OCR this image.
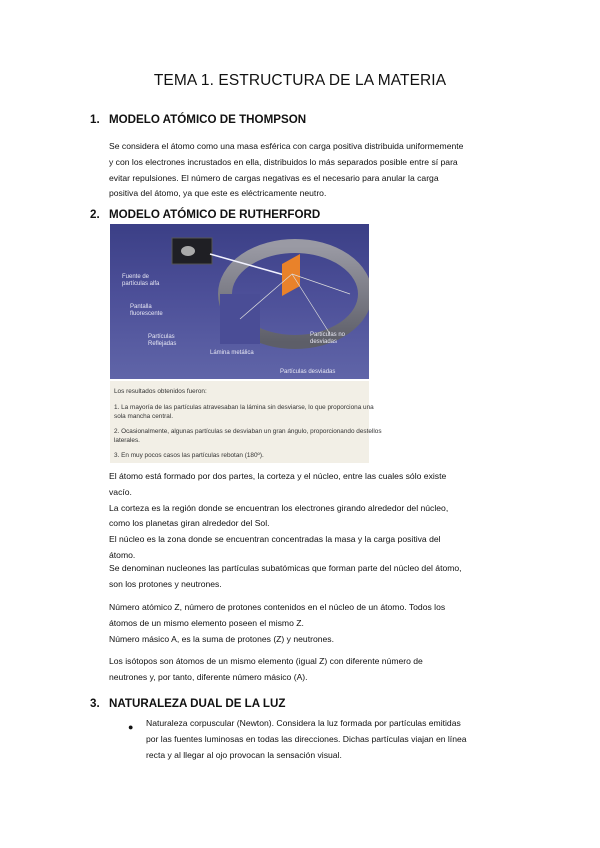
TEMA 1. ESTRUCTURA DE LA MATERIA
1. MODELO ATÓMICO DE THOMPSON
Se considera el átomo como una masa esférica con carga positiva distribuida uniformemente
y con los electrones incrustados en ella, distribuidos lo más separados posible entre sí para
evitar repulsiones. El número de cargas negativas es el necesario para anular la carga
positiva del átomo, ya que este es eléctricamente neutro.
2. MODELO ATÓMICO DE RUTHERFORD
Fuente de partículas alfa
Pantalla fluorescente
Partículas Reflejadas
Lámina metálica
Partículas desviadas
Partículas no desviadas
Los resultados obtenidos fueron:
1. La mayoría de las partículas atravesaban la lámina sin desviarse, lo que proporciona una
sola mancha central.
2. Ocasionalmente, algunas partículas se desviaban un gran ángulo, proporcionando destellos
laterales.
3. En muy pocos casos las partículas rebotan (180º).
El átomo está formado por dos partes, la corteza y el núcleo, entre las cuales sólo existe
vacío.
La corteza es la región donde se encuentran los electrones girando alrededor del núcleo,
como los planetas giran alrededor del Sol.
El núcleo es la zona donde se encuentran concentradas la masa y la carga positiva del
átomo.
Se denominan nucleones las partículas subatómicas que forman parte del núcleo del átomo,
son los protones y neutrones.
Número atómico Z, número de protones contenidos en el núcleo de un átomo. Todos los
átomos de un mismo elemento poseen el mismo Z.
Número másico A, es la suma de protones (Z) y neutrones.
Los isótopos son átomos de un mismo elemento (igual Z) con diferente número de
neutrones y, por tanto, diferente número másico (A).
3. NATURALEZA DUAL DE LA LUZ
● Naturaleza corpuscular (Newton). Considera la luz formada por partículas emitidas
por las fuentes luminosas en todas las direcciones. Dichas partículas viajan en línea
recta y al llegar al ojo provocan la sensación visual.
